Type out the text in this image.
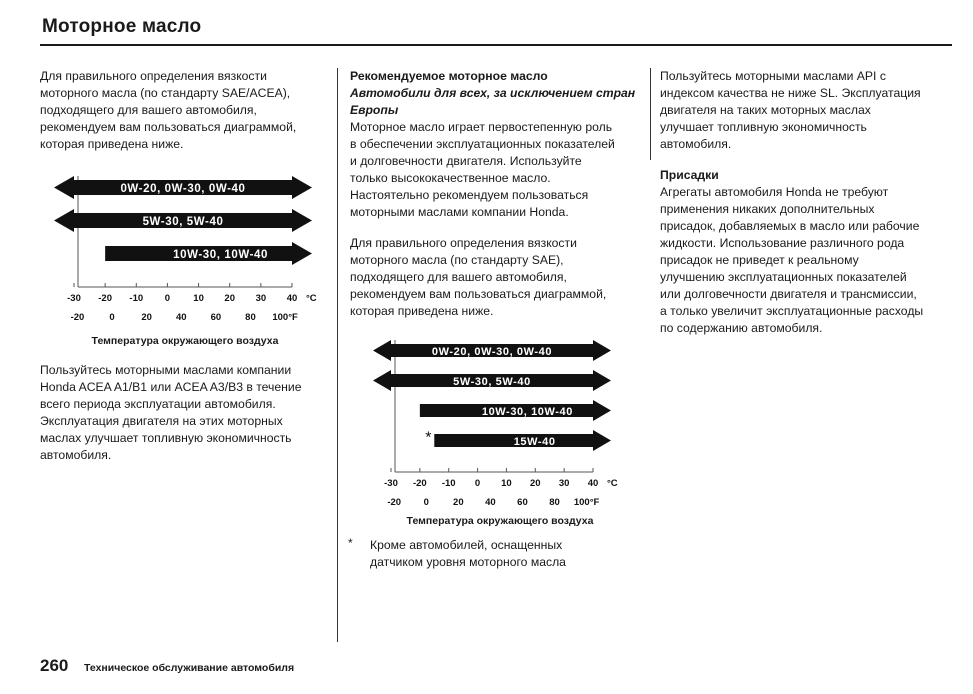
Моторное масло

Для правильного определения вязкости
моторного масла (по стандарту SAE/ACEA),
подходящего для вашего автомобиля,
рекомендуем вам пользоваться диаграммой,
которая приведена ниже.

0W-20, 0W-30, 0W-40
5W-30, 5W-40
10W-30, 10W-40
-30 -20 -10 0 10 20 30 40 °C
-20	0	20	40	60	80 100°F
Температура окружающего воздуха

Пользуйтесь моторными маслами компании
Honda ACEA A1/B1 или ACEA A3/B3 в течение
всего периода эксплуатации автомобиля.
Эксплуатация двигателя на этих моторных
маслах улучшает топливную экономичность
автомобиля.

Рекомендуемое моторное масло

Автомобили для всех, за исключением стран
Европы

Моторное масло играет первостепенную роль
в обеспечении эксплуатационных показателей
и долговечности двигателя. Используйте
только высококачественное масло.
Настоятельно рекомендуем пользоваться
моторными маслами компании Honda.

Для правильного определения вязкости
моторного масла (по стандарту SAE),
подходящего для вашего автомобиля,
рекомендуем вам пользоваться диаграммой,
которая приведена ниже.

0W-20, 0W-30, 0W-40
5W-30, 5W-40
10W-30, 10W-40
15W-40
*
-30 -20 -10 0 10 20 30 40 °C
-20 0	20 40 60 80 100°F
Температура окружающего воздуха
* Кроме автомобилей, оснащенных
датчиком уровня моторного масла

Пользуйтесь моторными маслами API с
индексом качества не ниже SL. Эксплуатация
двигателя на таких моторных маслах
улучшает топливную экономичность
автомобиля.

Присадки

Агрегаты автомобиля Honda не требуют
применения никаких дополнительных
присадок, добавляемых в масло или рабочие
жидкости. Использование различного рода
присадок не приведет к реальному
улучшению эксплуатационных показателей
или долговечности двигателя и трансмиссии,
а только увеличит эксплуатационные расходы
по содержанию автомобиля.

260 Техническое обслуживание автомобиля
